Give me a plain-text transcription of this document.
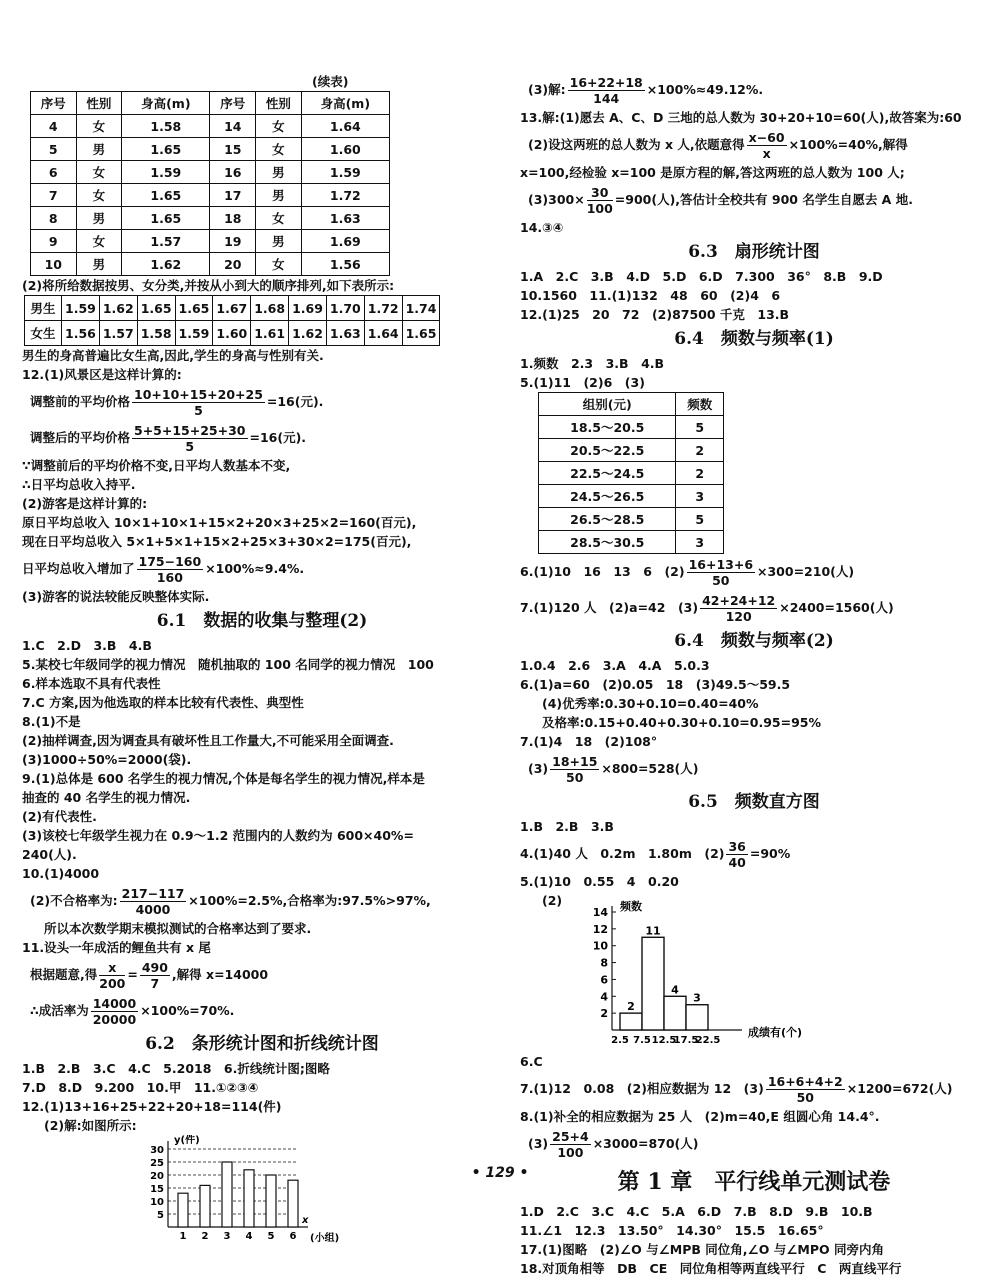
(续表)
序号	性别	身高(m)	序号	性别	身高(m)
4	女	1.58	14	女	1.64
5	男	1.65	15	女	1.60
6	女	1.59	16	男	1.59
7	女	1.65	17	男	1.72
8	男	1.65	18	女	1.63
9	女	1.57	19	男	1.69
10	男	1.62	20	女	1.56
(2)将所给数据按男、女分类,并按从小到大的顺序排列,如下表所示:
男生	1.59	1.62	1.65	1.65	1.67	1.68	1.69	1.70	1.72	1.74
女生	1.56	1.57	1.58	1.59	1.60	1.61	1.62	1.63	1.64	1.65
男生的身高普遍比女生高,因此,学生的身高与性别有关.
12.(1)风景区是这样计算的:
调整前的平均价格 $\frac{10+10+15+20+25}{5} =16$(元).
调整后的平均价格 $\frac{5+5+15+25+30}{5} =16$(元).
∵调整前后的平均价格不变,日平均人数基本不变,
∴日平均总收入持平.
(2)游客是这样计算的:
原日平均总收入 10×1+10×1+15×2+20×3+25×2=160(百元),
现在日平均总收入 5×1+5×1+15×2+25×3+30×2=175(百元),
日平均总收入增加了 $\frac{175-160}{160} \times 100\%\approx 9.4\%$.
(3)游客的说法较能反映整体实际.
6.1　数据的收集与整理(2)
1.C　2.D　3.B　4.B
5.某校七年级同学的视力情况　随机抽取的 100 名同学的视力情况　100
6.样本选取不具有代表性
7.C 方案,因为他选取的样本比较有代表性、典型性
8.(1)不是
(2)抽样调查,因为调查具有破坏性且工作量大,不可能采用全面调查.
(3)1000÷50%=2000(袋).
9.(1)总体是 600 名学生的视力情况,个体是每名学生的视力情况,样本是
抽查的 40 名学生的视力情况.
(2)有代表性.
(3)该校七年级学生视力在 0.9～1.2 范围内的人数约为 600×40%=
240(人).
10.(1)4000
(2)不合格率为: $\frac{217-117}{4000} \times 100\%=2.5\%$,合格率为:97.5%>97%,
所以本次数学期末模拟测试的合格率达到了要求.
11.设头一年成活的鲤鱼共有 x 尾
根据题意,得 $\frac{x}{200} = \frac{490}{7}$ ,解得 x=14000
∴成活率为 $\frac{14000}{20000} \times 100\%=70\%$.
6.2　条形统计图和折线统计图
1.B　2.B　3.C　4.C　5.2018　6.折线统计图;图略
7.D　8.D　9.200　10.甲　11.①②③④
12.(1)13+16+25+22+20+18=114(件)
(2)解:如图所示:
5
10
15
20
25
30
y(件)
x
(小组)
1 2 3 4 5 6
(3)解: $\frac{16+22+18}{144} \times 100\%\approx 49.12\%$.
13.解:(1)愿去 A、C、D 三地的总人数为 30+20+10=60(人),故答案为:60
(2)设这两班的总人数为 x 人,依题意得 $\frac{x-60}{x} \times 100\%=40\%$,解得
x=100,经检验 x=100 是原方程的解,答这两班的总人数为 100 人;
$(3)300\times \frac{30}{100} =900$(人),答估计全校共有 900 名学生自愿去 A 地.
14.③④
6.3　扇形统计图
1.A　2.C　3.B　4.D　5.D　6.D　7.300　36°　8.B　9.D
10.1560　11.(1)132　48　60　(2)4　6
12.(1)25　20　72　(2)87500 千克　13.B
6.4　频数与频率(1)
1.频数　2.3　3.B　4.B
5.(1)11　(2)6　(3)
组别(元)	频数
18.5～20.5	5
20.5～22.5	2
22.5～24.5	2
24.5～26.5	3
26.5～28.5	5
28.5～30.5	3
6.(1)10　16　13　6　$(2) \frac{16+13+6}{50} \times 300=210$(人)
7.(1)120 人　(2)a=42　$(3) \frac{42+24+12}{120} \times 2400=1560$(人)
6.4　频数与频率(2)
1.0.4　2.6　3.A　4.A　5.0.3
6.(1)a=60　(2)0.05　18　(3)49.5～59.5
(4)优秀率:0.30+0.10=0.40=40%
及格率:0.15+0.40+0.30+0.10=0.95=95%
7.(1)4　18　(2)108°
$(3) \frac{18+15}{50} \times 800=528$(人)
6.5　频数直方图
1.B　2.B　3.B
4.(1)40 人　0.2m　1.80m　$(2) \frac{36}{40} =90\%$
5.(1)10　0.55　4　0.20
(2)
2
4
6
8
10
12
14 频数
成绩有(个)
2.5 7.5 12.5
17.5
22.5
2
11
4
3
6.C
7.(1)12　0.08　(2)相应数据为 12　$(3) \frac{16+6+4+2}{50} \times 1200=672$(人)
8.(1)补全的相应数据为 25 人　(2)m=40,E 组圆心角 14.4°.
$(3) \frac{25+4}{100} \times 3000=870$(人)
第 1 章　平行线单元测试卷
1.D　2.C　3.C　4.C　5.A　6.D　7.B　8.D　9.B　10.B
11.∠1　12.3　13.50°　14.30°　15.5　16.65°
17.(1)图略　(2)∠O 与∠MPB 同位角,∠O 与∠MPO 同旁内角
18.对顶角相等　DB　CE　同位角相等两直线平行　C　两直线平行
• 129 •
